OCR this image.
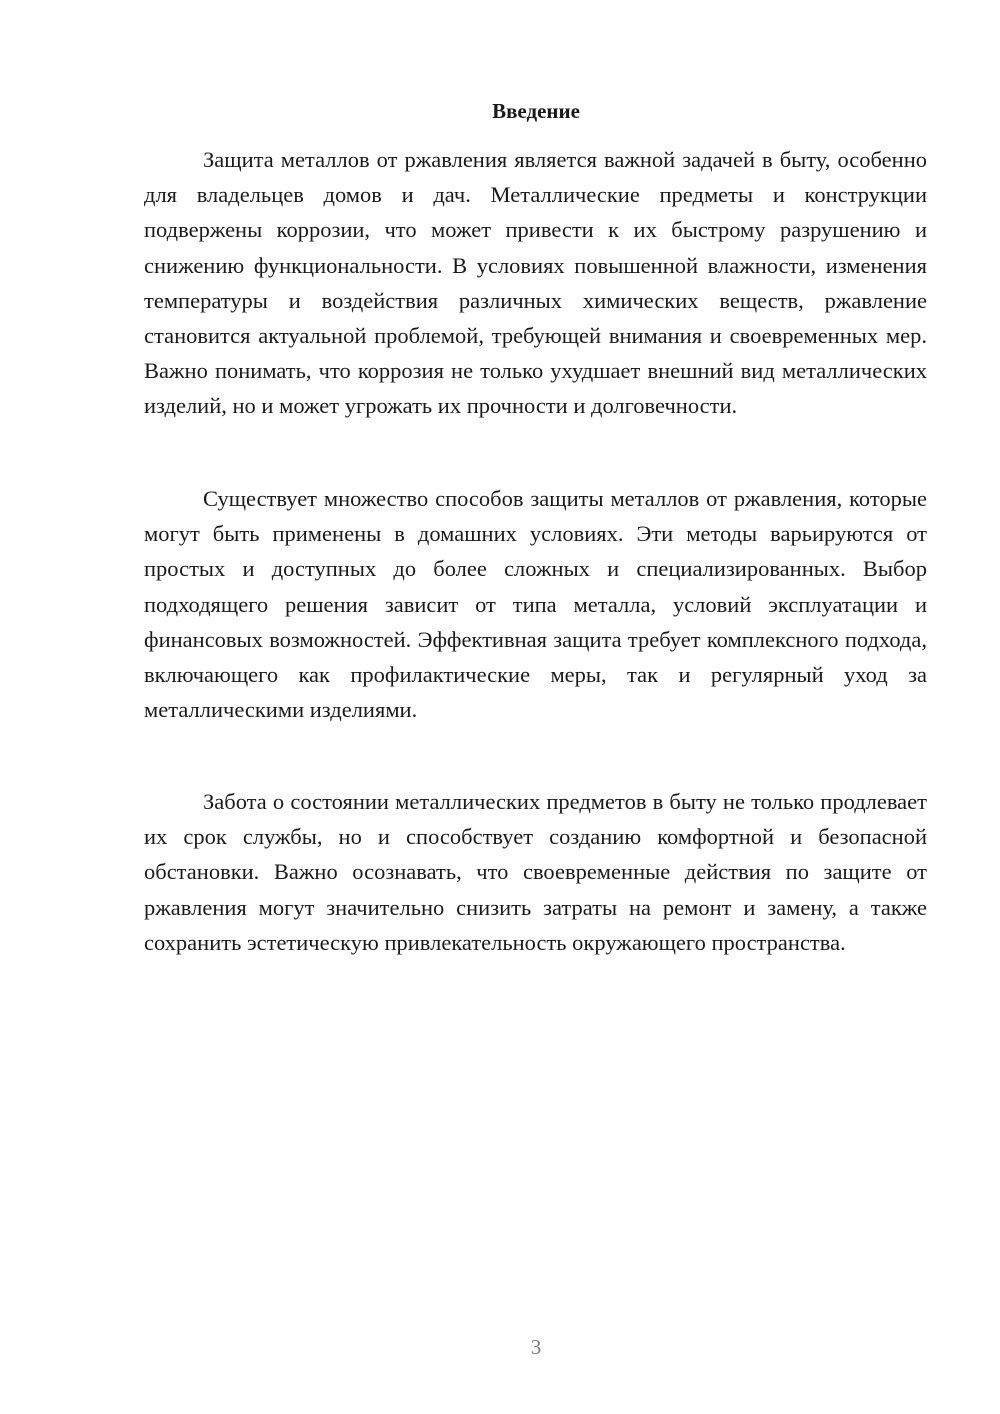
Введение

Защита металлов от ржавления является важной задачей в быту, особенно для владельцев домов и дач. Металлические предметы и конструкции подвержены коррозии, что может привести к их быстрому разрушению и снижению функциональности. В условиях повышенной влажности, изменения температуры и воздействия различных химических веществ, ржавление становится актуальной проблемой, требующей внимания и своевременных мер. Важно понимать, что коррозия не только ухудшает внешний вид металлических изделий, но и может угрожать их прочности и долговечности.

Существует множество способов защиты металлов от ржавления, которые могут быть применены в домашних условиях. Эти методы варьируются от простых и доступных до более сложных и специализированных. Выбор подходящего решения зависит от типа металла, условий эксплуатации и финансовых возможностей. Эффективная защита требует комплексного подхода, включающего как профилактические меры, так и регулярный уход за металлическими изделиями.

Забота о состоянии металлических предметов в быту не только продлевает их срок службы, но и способствует созданию комфортной и безопасной обстановки. Важно осознавать, что своевременные действия по защите от ржавления могут значительно снизить затраты на ремонт и замену, а также сохранить эстетическую привлекательность окружающего пространства.

3
